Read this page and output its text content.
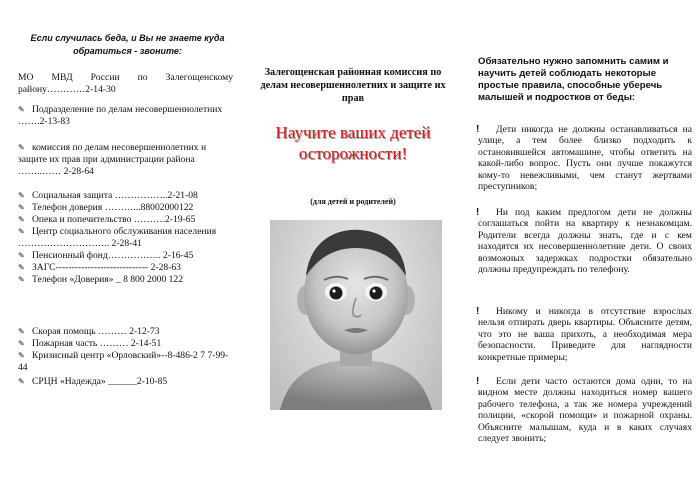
Если случилась беда, и Вы не знаете куда обратиться - звоните:
МО МВД России по Залегощенскому району…………2-14-30
✎ Подразделение по делам несовершеннолетних …….2-13-83
✎ комиссия по делам несовершеннолетних и защите их прав при администрации района ……..…… 2-28-64
✎ Социальная защита ……………..2-21-08
✎ Телефон доверия ………...88002000122
✎ Опека и попечительство ……….2-19-65
✎ Центр социального обслуживания населения ……………………….. 2-28-41
✎ Пенсионный фонд…………….. 2-16-45
✎ ЗАГС----------------------------- 2-28-63
✎ Телефон «Доверия» _ 8 800 2000 122
✎ Скорая помощь ……… 2-12-73
✎ Пожарная часть ……… 2-14-51
✎ Кризисный центр «Орловский»--8-486-2 7 7-99-44
✎ СРЦН «Надежда» ______2-10-85
Залегощенская районная комиссия по делам несовершеннолетних и защите их прав
Научите ваших детей осторожности!
(для детей и родителей)
Обязательно нужно запомнить самим и научить детей соблюдать некоторые простые правила, способные уберечь малышей и подростков от беды:
!	Дети никогда не должны останавливаться на улице, а тем более близко подходить к остановившейся автомашине, чтобы ответить на какой-либо вопрос. Пусть они лучше покажутся кому-то невежливыми, чем станут жертвами преступников;
!	Ни под каким предлогом дети не должны соглашаться пойти на квартиру к незнакомцам. Родители всегда должны знать, где и с кем находятся их несовершеннолетние дети. О своих возможных задержках подростки обязательно должны предупреждать по телефону.
!	Никому и никогда в отсутствие взрослых нельзя отпирать дверь квартиры. Объясните детям, что это не ваша прихоть, а необходимая мера безопасности. Приведите для наглядности конкретные примеры;
!	Если дети часто остаются дома одни, то на видном месте должны находиться номер вашего рабочего телефона, а так же номера учреждений полиции, «скорой помощи» и пожарной охраны. Объясните малышам, куда и в каких случаях следует звонить;
